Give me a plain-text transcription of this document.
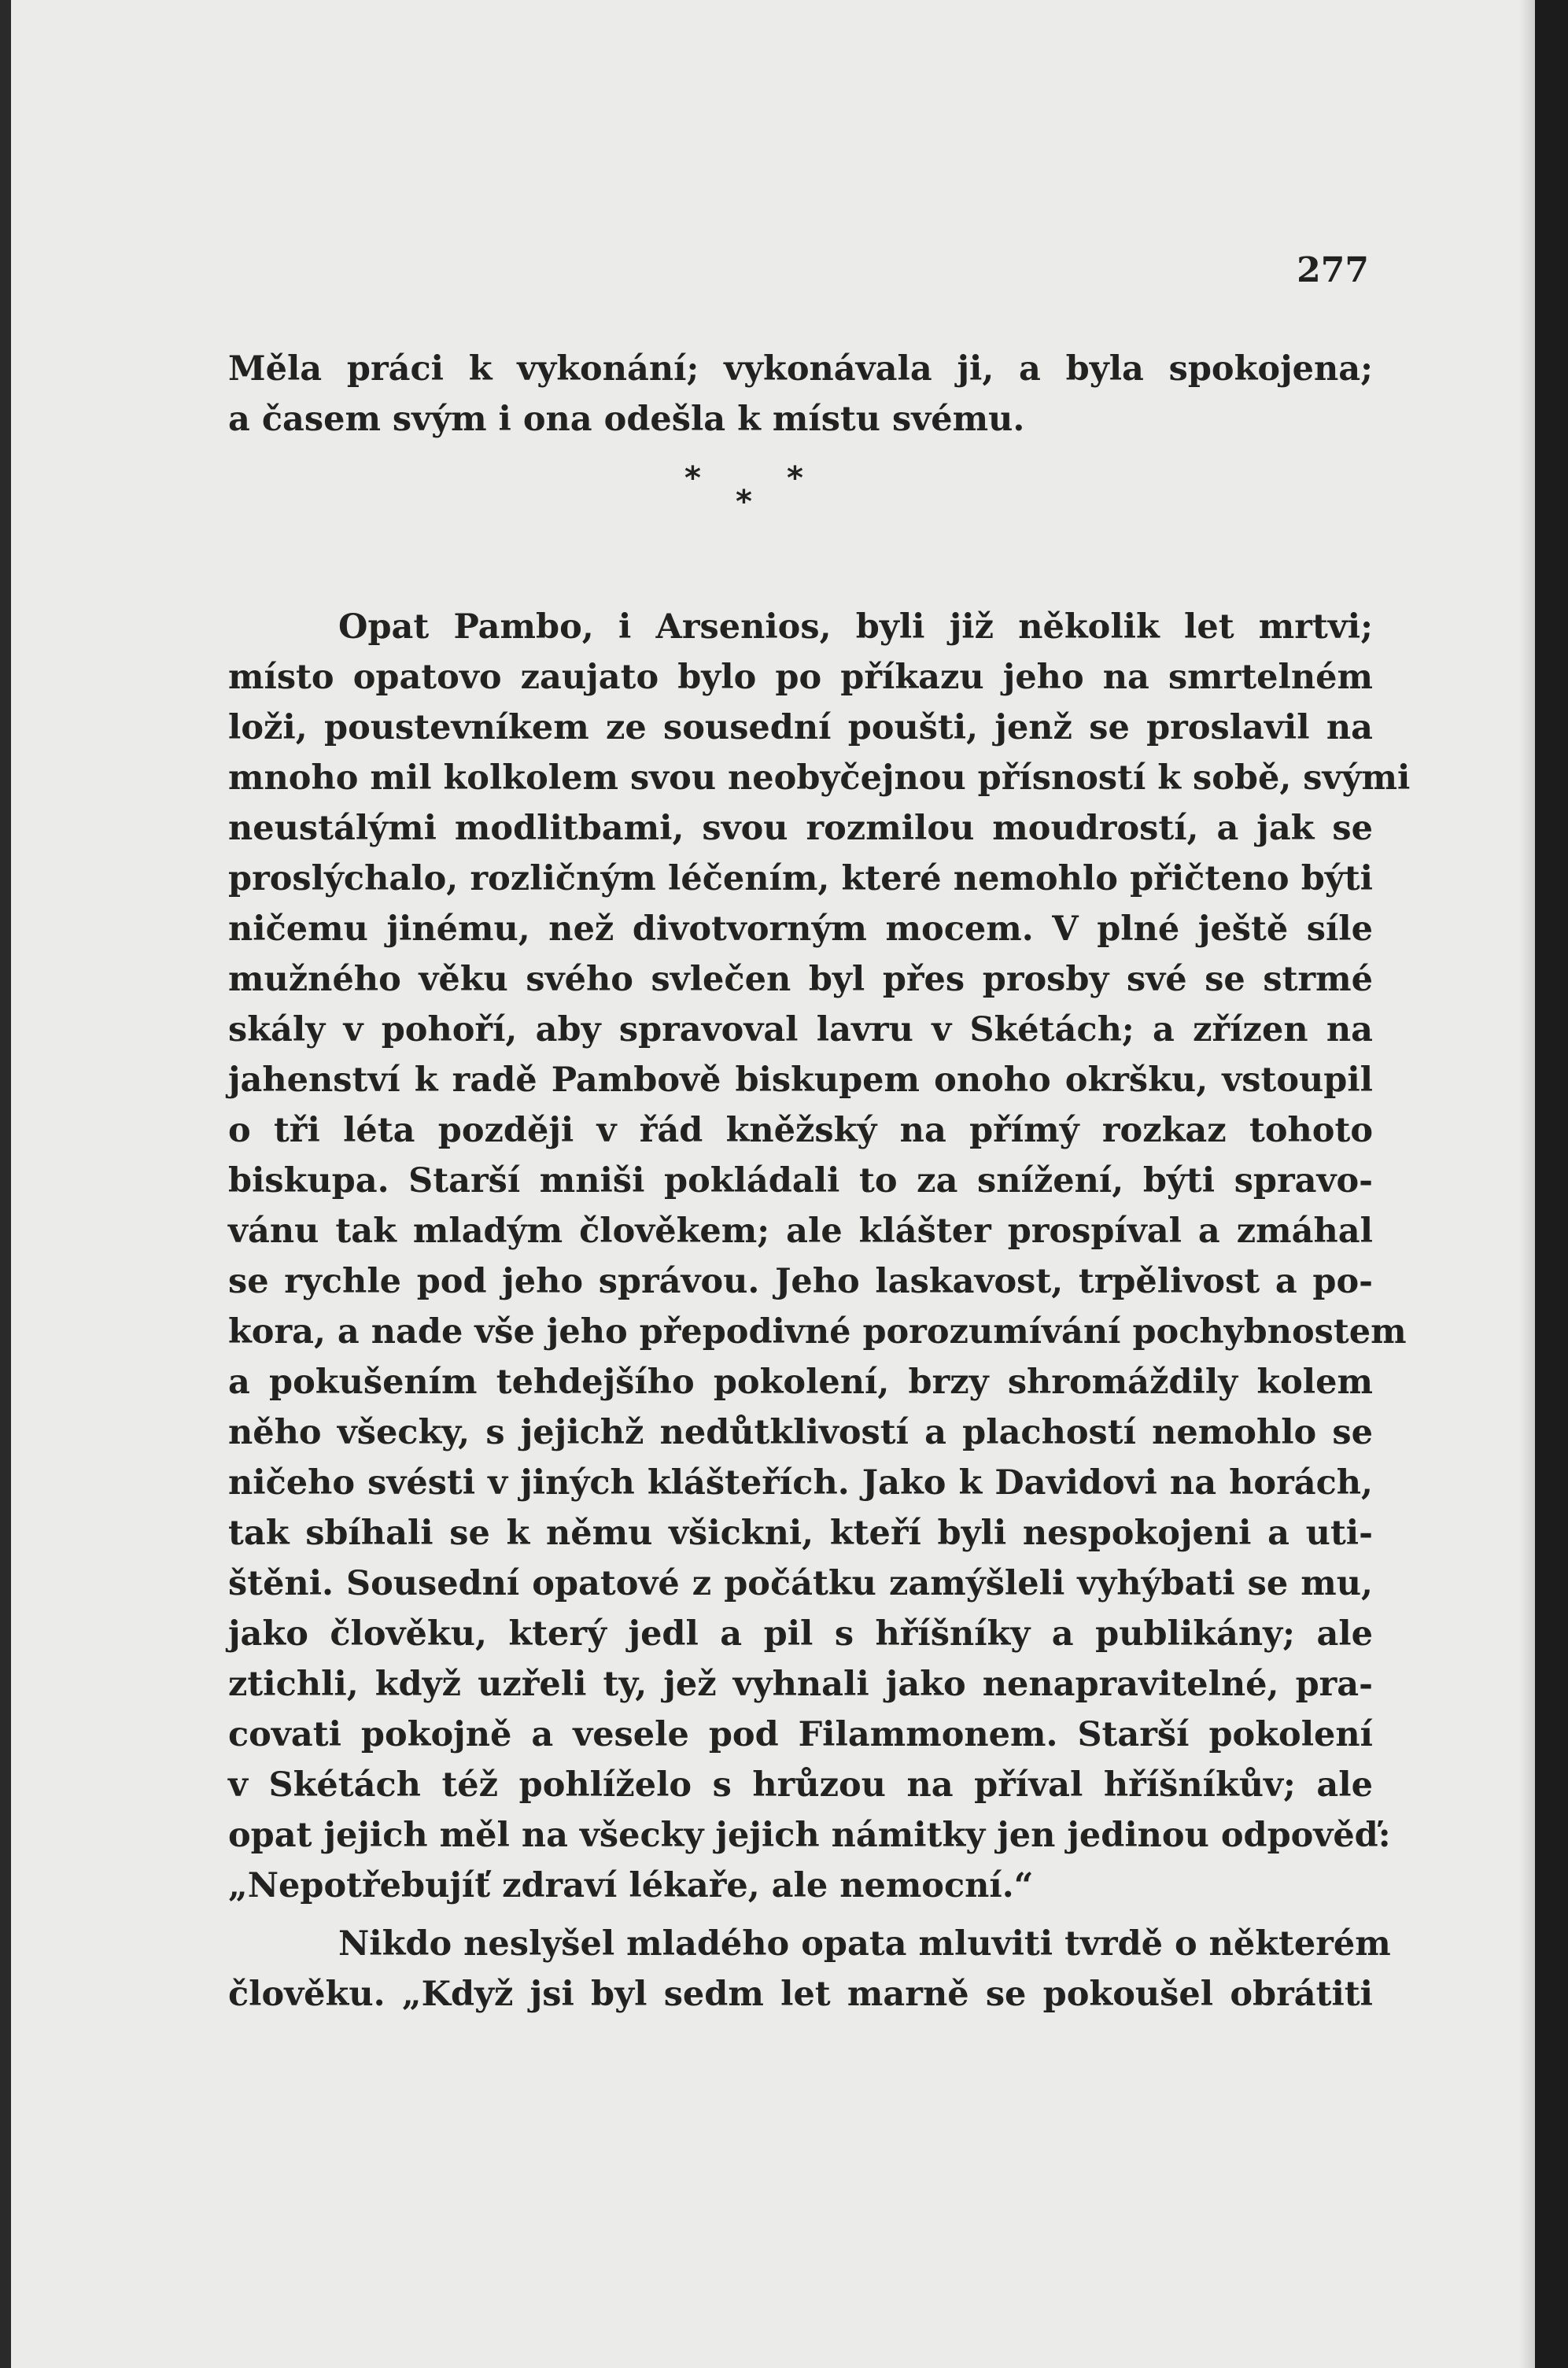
277
Měla práci k vykonání; vykonávala ji, a byla spokojena;
a časem svým i ona odešla k místu svému.
*	*
*
Opat Pambo, i Arsenios, byli již několik let mrtvi;
místo opatovo zaujato bylo po příkazu jeho na smrtelném
loži, poustevníkem ze sousední poušti, jenž se proslavil na
mnoho mil kolkolem svou neobyčejnou přísností k sobě, svými
neustálými modlitbami, svou rozmilou moudrostí, a jak se
proslýchalo, rozličným léčením, které nemohlo přičteno býti
ničemu jinému, než divotvorným mocem. V plné ještě síle
mužného věku svého svlečen byl přes prosby své se strmé
skály v pohoří, aby spravoval lavru v Skétách; a zřízen na
jahenství k radě Pambově biskupem onoho okršku, vstoupil
o tři léta později v řád kněžský na přímý rozkaz tohoto
biskupa. Starší mniši pokládali to za snížení, býti spravo-
vánu tak mladým člověkem; ale klášter prospíval a zmáhal
se rychle pod jeho správou. Jeho laskavost, trpělivost a po-
kora, a nade vše jeho přepodivné porozumívání pochybnostem
a pokušením tehdejšího pokolení, brzy shromáždily kolem
něho všecky, s jejichž nedůtklivostí a plachostí nemohlo se
ničeho svésti v jiných klášteřích. Jako k Davidovi na horách,
tak sbíhali se k němu všickni, kteří byli nespokojeni a uti-
štěni. Sousední opatové z počátku zamýšleli vyhýbati se mu,
jako člověku, který jedl a pil s hříšníky a publikány; ale
ztichli, když uzřeli ty, jež vyhnali jako nenapravitelné, pra-
covati pokojně a vesele pod Filammonem. Starší pokolení
v Skétách též pohlíželo s hrůzou na příval hříšníkův; ale
opat jejich měl na všecky jejich námitky jen jedinou odpověď:
„Nepotřebujíť zdraví lékaře, ale nemocní.“
Nikdo neslyšel mladého opata mluviti tvrdě o některém
člověku. „Když jsi byl sedm let marně se pokoušel obrátiti
